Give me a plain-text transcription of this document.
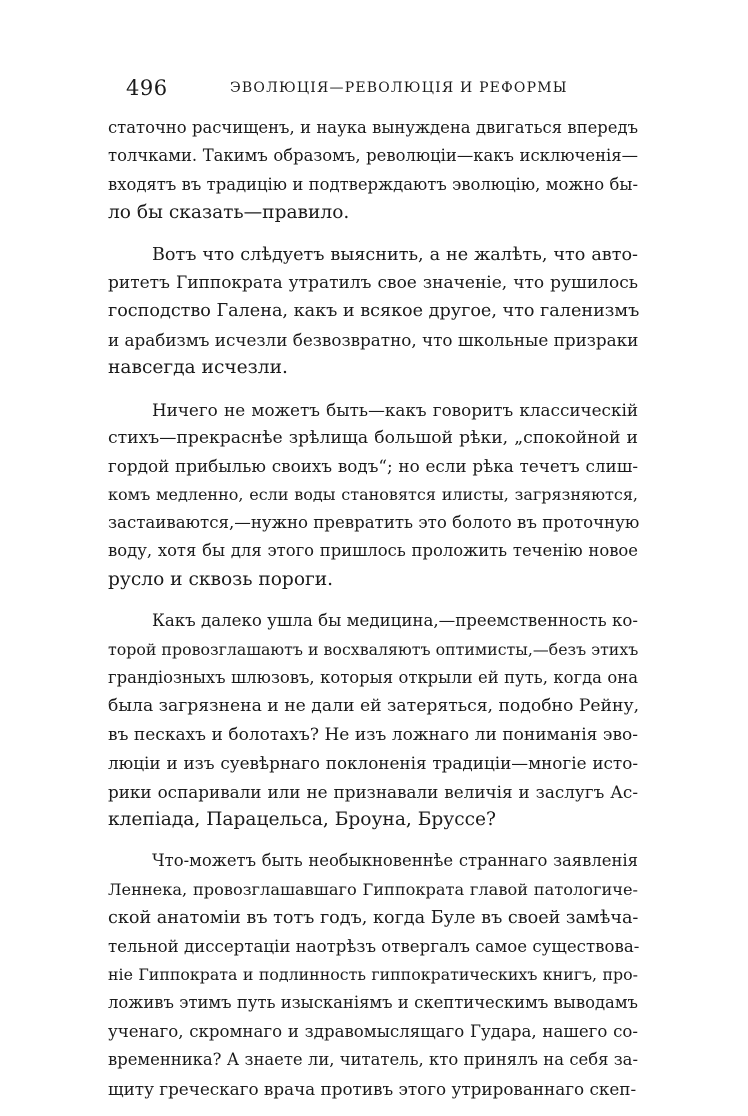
496	ЭВОЛЮЦІЯ—РЕВОЛЮЦІЯ И РЕФОРМЫ
статочно расчищенъ, и наука вынуждена двигаться впередъ
толчками. Такимъ образомъ, революціи—какъ исключенія—
входятъ въ традицію и подтверждаютъ эволюцію, можно бы-
ло бы сказать—правило.
Вотъ что слѣдуетъ выяснить, а не жалѣть, что авто-
ритетъ Гиппократа утратилъ свое значеніе, что рушилось
господство Галена, какъ и всякое другое, что галенизмъ
и арабизмъ исчезли безвозвратно, что школьные призраки
навсегда исчезли.
Ничего не можетъ быть—какъ говоритъ классическій
стихъ—прекраснѣе зрѣлища большой рѣки, „спокойной и
гордой прибылью своихъ водъ“; но если рѣка течетъ слиш-
комъ медленно, если воды становятся илисты, загрязняются,
застаиваются,—нужно превратить это болото въ проточную
воду, хотя бы для этого пришлось проложить теченію новое
русло и сквозь пороги.
Какъ далеко ушла бы медицина,—преемственность ко-
торой провозглашаютъ и восхваляютъ оптимисты,—безъ этихъ
грандіозныхъ шлюзовъ, которыя открыли ей путь, когда она
была загрязнена и не дали ей затеряться, подобно Рейну,
въ пескахъ и болотахъ? Не изъ ложнаго ли пониманія эво-
люціи и изъ суевѣрнаго поклоненія традиціи—многіе исто-
рики оспаривали или не признавали величія и заслугъ Ас-
клепіада, Парацельса, Броуна, Бруссе?
Что-можетъ быть необыкновеннѣе страннаго заявленія
Леннека, провозглашавшаго Гиппократа главой патологиче-
ской анатоміи въ тотъ годъ, когда Буле въ своей замѣча-
тельной диссертаціи наотрѣзъ отвергалъ самое существова-
ніе Гиппократа и подлинность гиппократическихъ книгъ, про-
ложивъ этимъ путь изысканіямъ и скептическимъ выводамъ
ученаго, скромнаго и здравомыслящаго Гудара, нашего со-
временника? А знаете ли, читатель, кто принялъ на себя за-
щиту греческаго врача противъ этого утрированнаго скеп-
